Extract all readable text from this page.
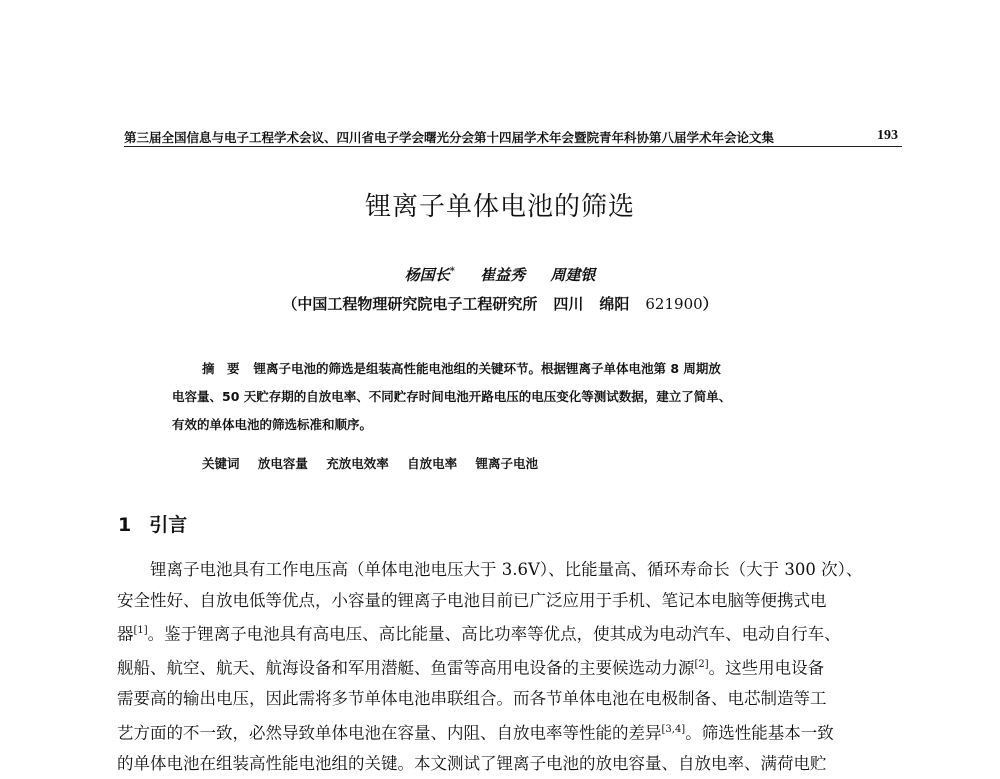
第三届全国信息与电子工程学术会议、四川省电子学会曙光分会第十四届学术年会暨院青年科协第八届学术年会论文集	193
锂离子单体电池的筛选
杨国长* 崔益秀 周建银
（中国工程物理研究院电子工程研究所 四川 绵阳 621900）
摘　要 锂离子电池的筛选是组装高性能电池组的关键环节。根据锂离子单体电池第 8 周期放
电容量、50 天贮存期的自放电率、不同贮存时间电池开路电压的电压变化等测试数据，建立了简单、
有效的单体电池的筛选标准和顺序。
关键词 放电容量 充放电效率 自放电率 锂离子电池
1 引言
锂离子电池具有工作电压高（单体电池电压大于 3.6V）、比能量高、循环寿命长（大于 300 次）、
安全性好、自放电低等优点，小容量的锂离子电池目前已广泛应用于手机、笔记本电脑等便携式电
器[1]。鉴于锂离子电池具有高电压、高比能量、高比功率等优点，使其成为电动汽车、电动自行车、
舰船、航空、航天、航海设备和军用潜艇、鱼雷等高用电设备的主要候选动力源[2]。这些用电设备
需要高的输出电压，因此需将多节单体电池串联组合。而各节单体电池在电极制备、电芯制造等工
艺方面的不一致，必然导致单体电池在容量、内阻、自放电率等性能的差异[3,4]。筛选性能基本一致
的单体电池在组装高性能电池组的关键。本文测试了锂离子电池的放电容量、自放电率、满荷电贮
